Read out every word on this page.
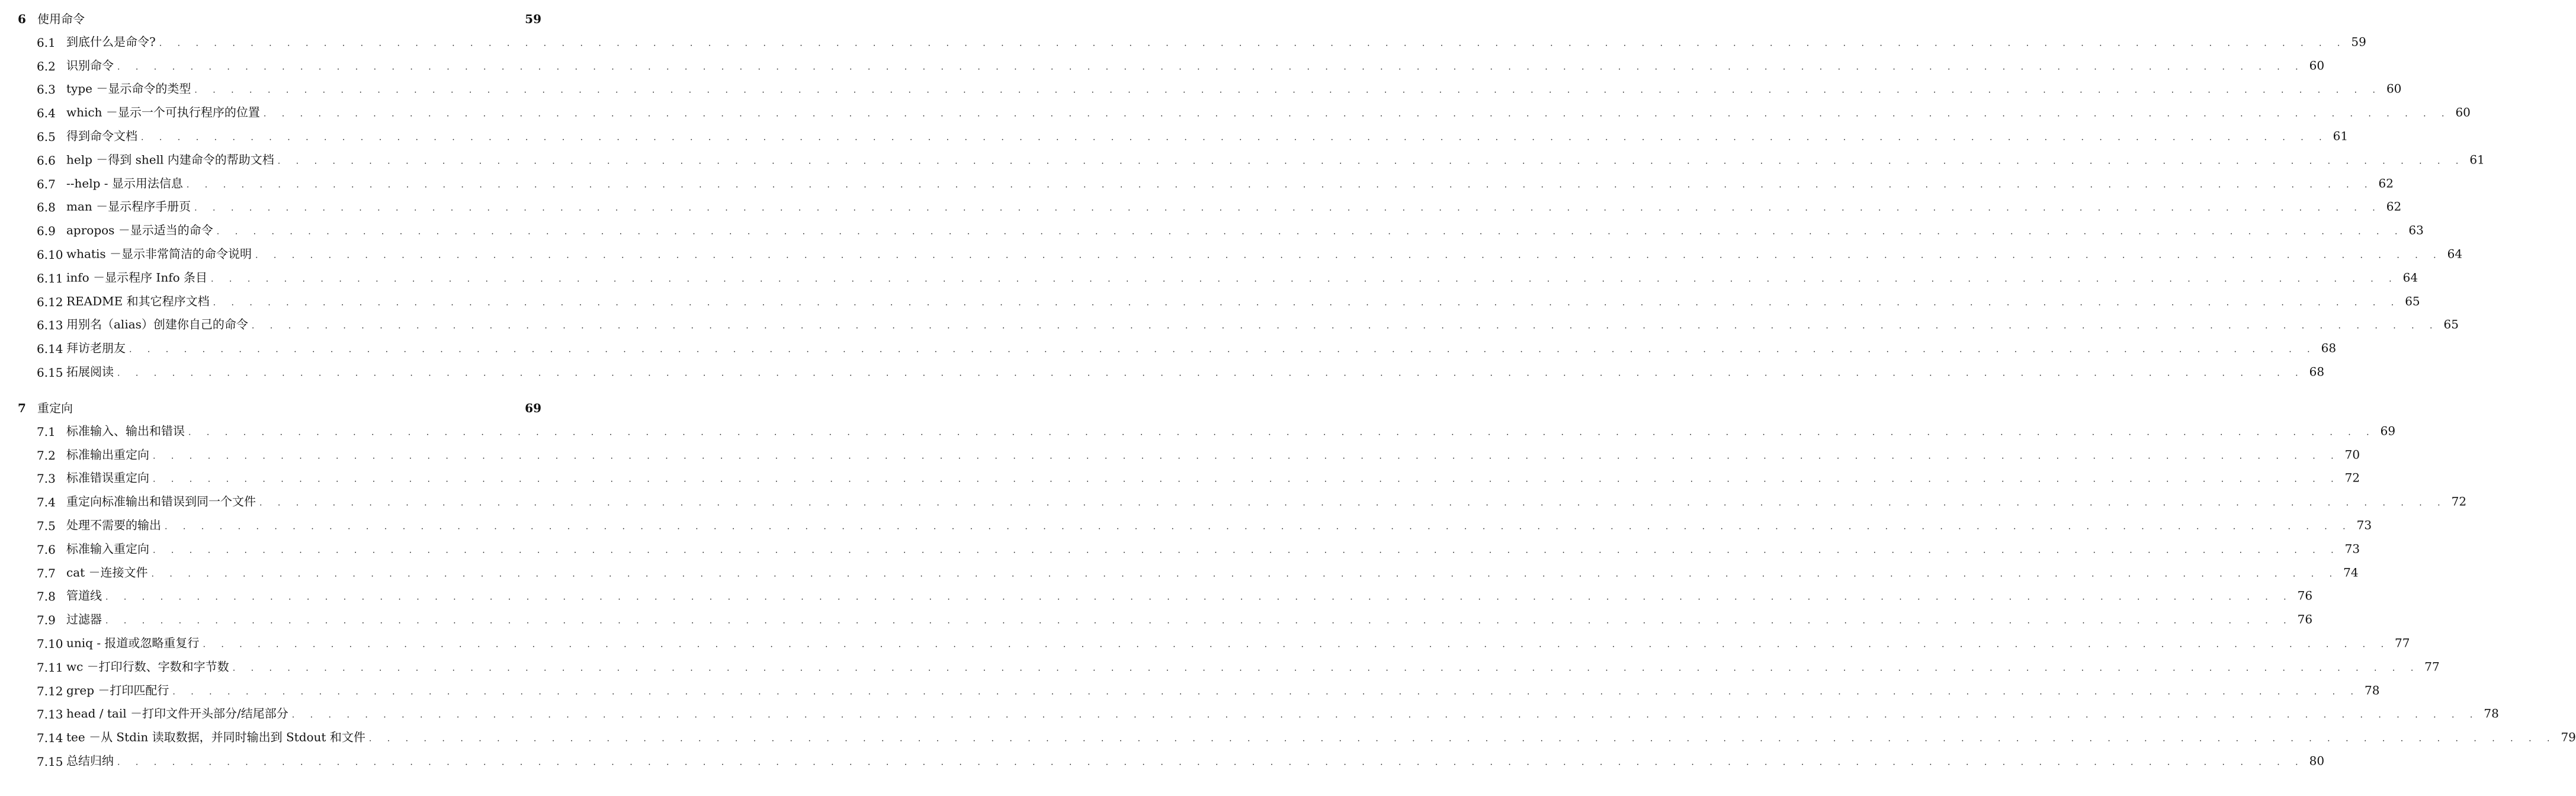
6 使用命令	59
6.1 到底什么是命令? . . . . . . . . . . . . . . . . . . . . . . . . . . . . . . . . . . . . . . . . . . . . . . . . . . . . . . . . . . . . . . . . . . . . . . . . . . . . . . . . . . . . . . . . . . . . . . . . . . . . . . . . . . . . . . . . . . . . . . . . 59
6.2 识别命令 . . . . . . . . . . . . . . . . . . . . . . . . . . . . . . . . . . . . . . . . . . . . . . . . . . . . . . . . . . . . . . . . . . . . . . . . . . . . . . . . . . . . . . . . . . . . . . . . . . . . . . . . . . . . . . . . . . . . . . . . 60
6.3 type －显示命令的类型 . . . . . . . . . . . . . . . . . . . . . . . . . . . . . . . . . . . . . . . . . . . . . . . . . . . . . . . . . . . . . . . . . . . . . . . . . . . . . . . . . . . . . . . . . . . . . . . . . . . . . . . . . . . . . . . . . . . . . . . . 60
6.4 which －显示一个可执行程序的位置 . . . . . . . . . . . . . . . . . . . . . . . . . . . . . . . . . . . . . . . . . . . . . . . . . . . . . . . . . . . . . . . . . . . . . . . . . . . . . . . . . . . . . . . . . . . . . . . . . . . . . . . . . . . . . . . . . . . . . . . . 60
6.5 得到命令文档 . . . . . . . . . . . . . . . . . . . . . . . . . . . . . . . . . . . . . . . . . . . . . . . . . . . . . . . . . . . . . . . . . . . . . . . . . . . . . . . . . . . . . . . . . . . . . . . . . . . . . . . . . . . . . . . . . . . . . . . . 61
6.6 help －得到 shell 内建命令的帮助文档 . . . . . . . . . . . . . . . . . . . . . . . . . . . . . . . . . . . . . . . . . . . . . . . . . . . . . . . . . . . . . . . . . . . . . . . . . . . . . . . . . . . . . . . . . . . . . . . . . . . . . . . . . . . . . . . . . . . . . . . . 61
6.7 --help - 显示用法信息 . . . . . . . . . . . . . . . . . . . . . . . . . . . . . . . . . . . . . . . . . . . . . . . . . . . . . . . . . . . . . . . . . . . . . . . . . . . . . . . . . . . . . . . . . . . . . . . . . . . . . . . . . . . . . . . . . . . . . . . . 62
6.8 man －显示程序手册页 . . . . . . . . . . . . . . . . . . . . . . . . . . . . . . . . . . . . . . . . . . . . . . . . . . . . . . . . . . . . . . . . . . . . . . . . . . . . . . . . . . . . . . . . . . . . . . . . . . . . . . . . . . . . . . . . . . . . . . . . 62
6.9 apropos －显示适当的命令 . . . . . . . . . . . . . . . . . . . . . . . . . . . . . . . . . . . . . . . . . . . . . . . . . . . . . . . . . . . . . . . . . . . . . . . . . . . . . . . . . . . . . . . . . . . . . . . . . . . . . . . . . . . . . . . . . . . . . . . . 63
6.10 whatis －显示非常简洁的命令说明 . . . . . . . . . . . . . . . . . . . . . . . . . . . . . . . . . . . . . . . . . . . . . . . . . . . . . . . . . . . . . . . . . . . . . . . . . . . . . . . . . . . . . . . . . . . . . . . . . . . . . . . . . . . . . . . . . . . . . . . . 64
6.11 info －显示程序 Info 条目 . . . . . . . . . . . . . . . . . . . . . . . . . . . . . . . . . . . . . . . . . . . . . . . . . . . . . . . . . . . . . . . . . . . . . . . . . . . . . . . . . . . . . . . . . . . . . . . . . . . . . . . . . . . . . . . . . . . . . . . . 64
6.12 README 和其它程序文档 . . . . . . . . . . . . . . . . . . . . . . . . . . . . . . . . . . . . . . . . . . . . . . . . . . . . . . . . . . . . . . . . . . . . . . . . . . . . . . . . . . . . . . . . . . . . . . . . . . . . . . . . . . . . . . . . . . . . . . . . 65
6.13 用别名（alias）创建你自己的命令 . . . . . . . . . . . . . . . . . . . . . . . . . . . . . . . . . . . . . . . . . . . . . . . . . . . . . . . . . . . . . . . . . . . . . . . . . . . . . . . . . . . . . . . . . . . . . . . . . . . . . . . . . . . . . . . . . . . . . . . . 65
6.14 拜访老朋友 . . . . . . . . . . . . . . . . . . . . . . . . . . . . . . . . . . . . . . . . . . . . . . . . . . . . . . . . . . . . . . . . . . . . . . . . . . . . . . . . . . . . . . . . . . . . . . . . . . . . . . . . . . . . . . . . . . . . . . . . 68
6.15 拓展阅读 . . . . . . . . . . . . . . . . . . . . . . . . . . . . . . . . . . . . . . . . . . . . . . . . . . . . . . . . . . . . . . . . . . . . . . . . . . . . . . . . . . . . . . . . . . . . . . . . . . . . . . . . . . . . . . . . . . . . . . . . 68
7 重定向	69
7.1 标准输入、输出和错误 . . . . . . . . . . . . . . . . . . . . . . . . . . . . . . . . . . . . . . . . . . . . . . . . . . . . . . . . . . . . . . . . . . . . . . . . . . . . . . . . . . . . . . . . . . . . . . . . . . . . . . . . . . . . . . . . . . . . . . . . 69
7.2 标准输出重定向 . . . . . . . . . . . . . . . . . . . . . . . . . . . . . . . . . . . . . . . . . . . . . . . . . . . . . . . . . . . . . . . . . . . . . . . . . . . . . . . . . . . . . . . . . . . . . . . . . . . . . . . . . . . . . . . . . . . . . . . . 70
7.3 标准错误重定向 . . . . . . . . . . . . . . . . . . . . . . . . . . . . . . . . . . . . . . . . . . . . . . . . . . . . . . . . . . . . . . . . . . . . . . . . . . . . . . . . . . . . . . . . . . . . . . . . . . . . . . . . . . . . . . . . . . . . . . . . 72
7.4 重定向标准输出和错误到同一个文件 . . . . . . . . . . . . . . . . . . . . . . . . . . . . . . . . . . . . . . . . . . . . . . . . . . . . . . . . . . . . . . . . . . . . . . . . . . . . . . . . . . . . . . . . . . . . . . . . . . . . . . . . . . . . . . . . . . . . . . . . 72
7.5 处理不需要的输出 . . . . . . . . . . . . . . . . . . . . . . . . . . . . . . . . . . . . . . . . . . . . . . . . . . . . . . . . . . . . . . . . . . . . . . . . . . . . . . . . . . . . . . . . . . . . . . . . . . . . . . . . . . . . . . . . . . . . . . . . 73
7.6 标准输入重定向 . . . . . . . . . . . . . . . . . . . . . . . . . . . . . . . . . . . . . . . . . . . . . . . . . . . . . . . . . . . . . . . . . . . . . . . . . . . . . . . . . . . . . . . . . . . . . . . . . . . . . . . . . . . . . . . . . . . . . . . . 73
7.7 cat －连接文件 . . . . . . . . . . . . . . . . . . . . . . . . . . . . . . . . . . . . . . . . . . . . . . . . . . . . . . . . . . . . . . . . . . . . . . . . . . . . . . . . . . . . . . . . . . . . . . . . . . . . . . . . . . . . . . . . . . . . . . . . 74
7.8 管道线 . . . . . . . . . . . . . . . . . . . . . . . . . . . . . . . . . . . . . . . . . . . . . . . . . . . . . . . . . . . . . . . . . . . . . . . . . . . . . . . . . . . . . . . . . . . . . . . . . . . . . . . . . . . . . . . . . . . . . . . . 76
7.9 过滤器 . . . . . . . . . . . . . . . . . . . . . . . . . . . . . . . . . . . . . . . . . . . . . . . . . . . . . . . . . . . . . . . . . . . . . . . . . . . . . . . . . . . . . . . . . . . . . . . . . . . . . . . . . . . . . . . . . . . . . . . . 76
7.10 uniq - 报道或忽略重复行 . . . . . . . . . . . . . . . . . . . . . . . . . . . . . . . . . . . . . . . . . . . . . . . . . . . . . . . . . . . . . . . . . . . . . . . . . . . . . . . . . . . . . . . . . . . . . . . . . . . . . . . . . . . . . . . . . . . . . . . . 77
7.11 wc －打印行数、字数和字节数 . . . . . . . . . . . . . . . . . . . . . . . . . . . . . . . . . . . . . . . . . . . . . . . . . . . . . . . . . . . . . . . . . . . . . . . . . . . . . . . . . . . . . . . . . . . . . . . . . . . . . . . . . . . . . . . . . . . . . . . . 77
7.12 grep －打印匹配行 . . . . . . . . . . . . . . . . . . . . . . . . . . . . . . . . . . . . . . . . . . . . . . . . . . . . . . . . . . . . . . . . . . . . . . . . . . . . . . . . . . . . . . . . . . . . . . . . . . . . . . . . . . . . . . . . . . . . . . . . 78
7.13 head / tail －打印文件开头部分/结尾部分 . . . . . . . . . . . . . . . . . . . . . . . . . . . . . . . . . . . . . . . . . . . . . . . . . . . . . . . . . . . . . . . . . . . . . . . . . . . . . . . . . . . . . . . . . . . . . . . . . . . . . . . . . . . . . . . . . . . . . . . . 78
7.14 tee －从 Stdin 读取数据，并同时输出到 Stdout 和文件 . . . . . . . . . . . . . . . . . . . . . . . . . . . . . . . . . . . . . . . . . . . . . . . . . . . . . . . . . . . . . . . . . . . . . . . . . . . . . . . . . . . . . . . . . . . . . . . . . . . . . . . . . . . . . . . . . . . . . . . . 79
7.15 总结归纳 . . . . . . . . . . . . . . . . . . . . . . . . . . . . . . . . . . . . . . . . . . . . . . . . . . . . . . . . . . . . . . . . . . . . . . . . . . . . . . . . . . . . . . . . . . . . . . . . . . . . . . . . . . . . . . . . . . . . . . . . 80
